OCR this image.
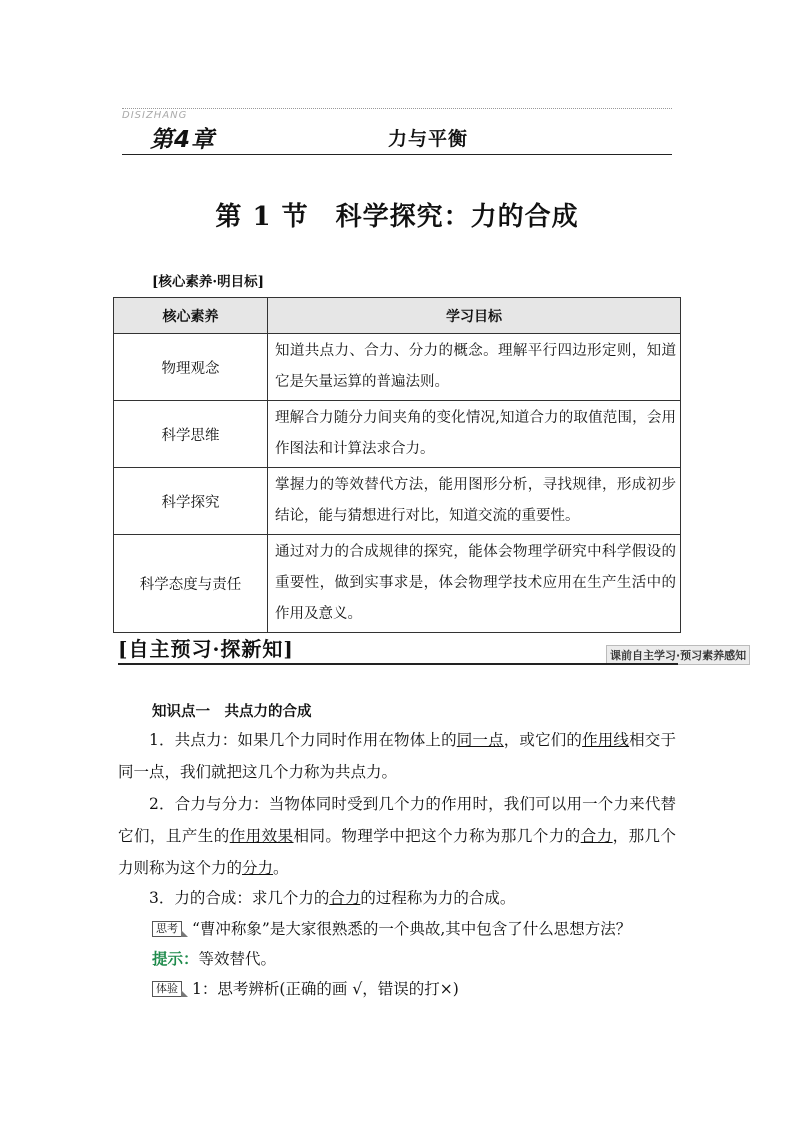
DISIZHANG
第4章	力与平衡
第 1 节　科学探究：力的合成
[核心素养·明目标]
核心素养	学习目标
物理观念	知道共点力、合力、分力的概念。理解平行四边形定则，知道它是矢量运算的普遍法则。
科学思维	理解合力随分力间夹角的变化情况,知道合力的取值范围，会用作图法和计算法求合力。
科学探究	掌握力的等效替代方法，能用图形分析，寻找规律，形成初步结论，能与猜想进行对比，知道交流的重要性。
科学态度与责任	通过对力的合成规律的探究，能体会物理学研究中科学假设的重要性，做到实事求是，体会物理学技术应用在生产生活中的作用及意义。
[自主预习·探新知]	课前自主学习·预习素养感知
知识点一　共点力的合成
1．共点力：如果几个力同时作用在物体上的同一点，或它们的作用线相交于同一点，我们就把这几个力称为共点力。
2．合力与分力：当物体同时受到几个力的作用时，我们可以用一个力来代替它们，且产生的作用效果相同。物理学中把这个力称为那几个力的合力，那几个力则称为这个力的分力。
3．力的合成：求几个力的合力的过程称为力的合成。
思考 “曹冲称象”是大家很熟悉的一个典故,其中包含了什么思想方法？
提示：等效替代。
体验 1：思考辨析(正确的画 √，错误的打×)
